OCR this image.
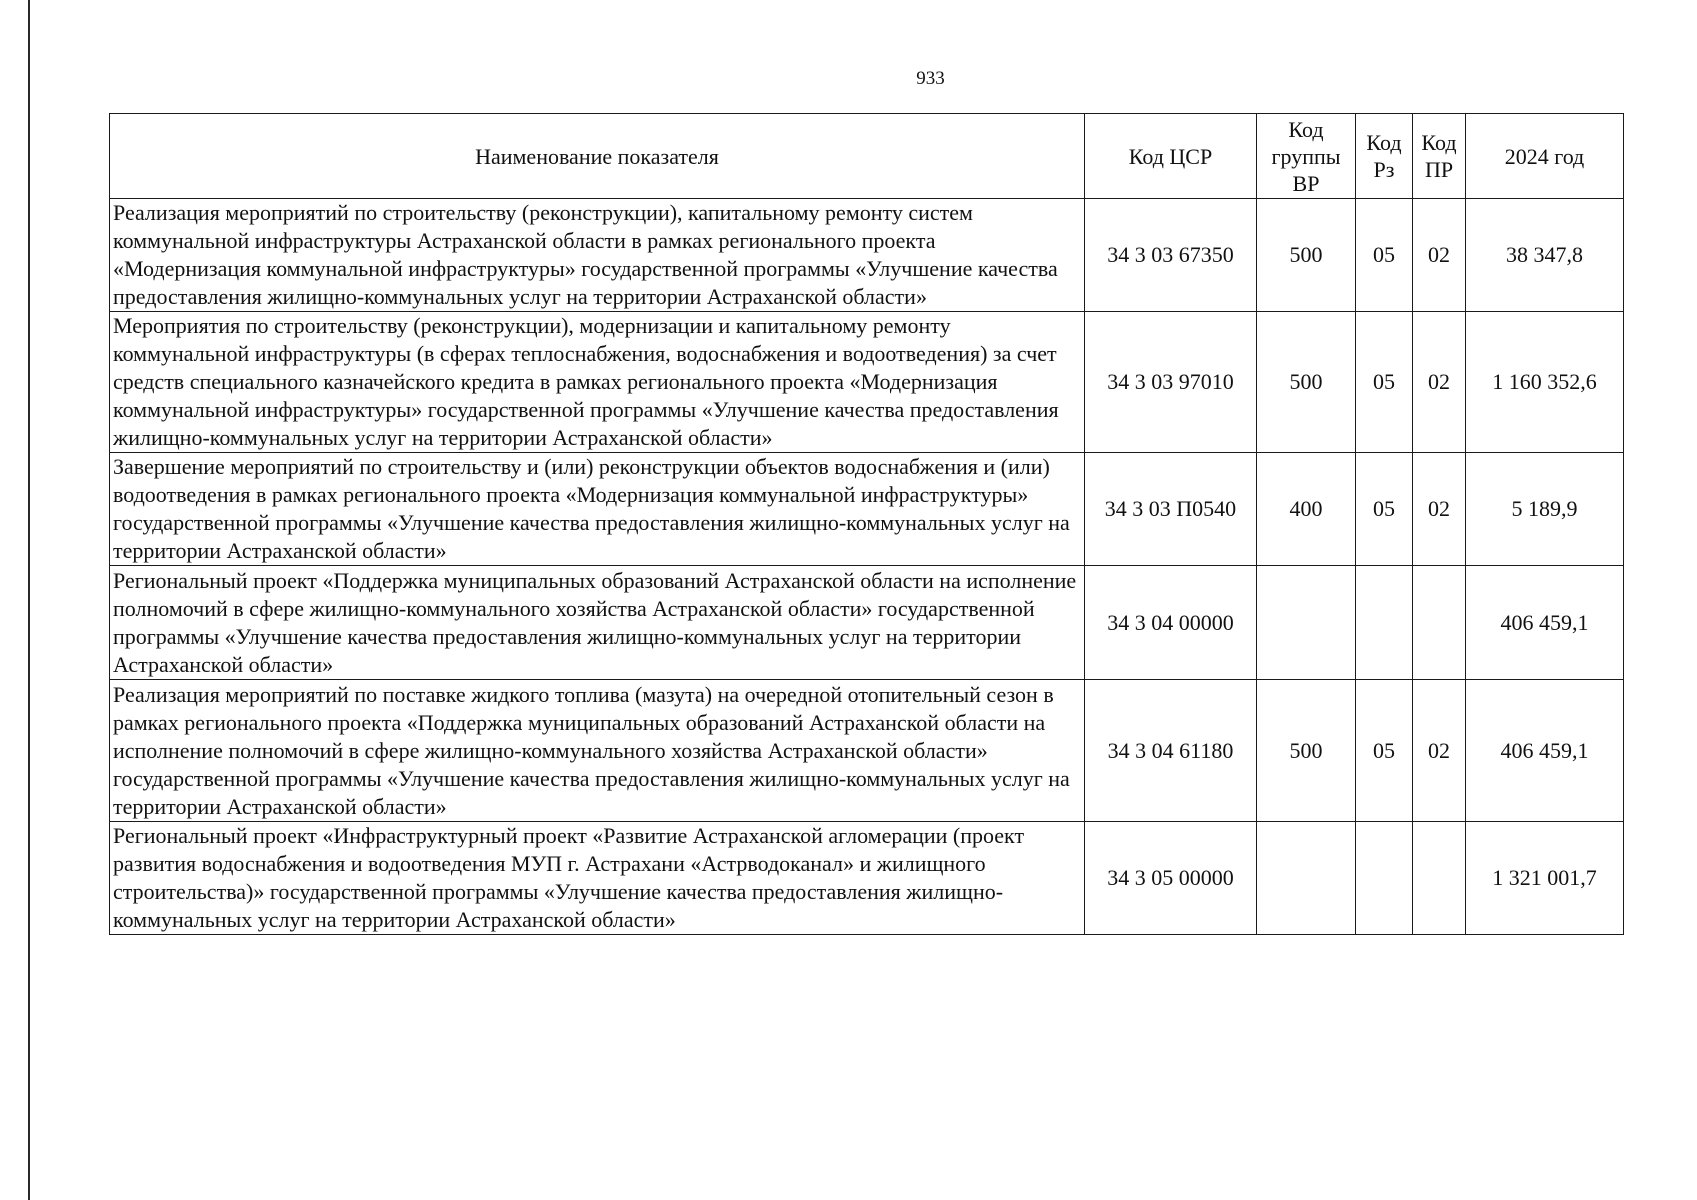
933
Наименование показателя	Код ЦСР	Код группы ВР	Код Рз	Код ПР	2024 год
Реализация мероприятий по строительству (реконструкции), капитальному ремонту систем коммунальной инфраструктуры Астраханской области в рамках регионального проекта «Модернизация коммунальной инфраструктуры» государственной программы «Улучшение качества предоставления жилищно-коммунальных услуг на территории Астраханской области»	34 3 03 67350	500	05	02	38 347,8
Мероприятия по строительству (реконструкции), модернизации и капитальному ремонту коммунальной инфраструктуры (в сферах теплоснабжения, водоснабжения и водоотведения) за счет средств специального казначейского кредита в рамках регионального проекта «Модернизация коммунальной инфраструктуры» государственной программы «Улучшение качества предоставления жилищно-коммунальных услуг на территории Астраханской области»	34 3 03 97010	500	05	02	1 160 352,6
Завершение мероприятий по строительству и (или) реконструкции объектов водоснабжения и (или) водоотведения в рамках регионального проекта «Модернизация коммунальной инфраструктуры» государственной программы «Улучшение качества предоставления жилищно-коммунальных услуг на территории Астраханской области»	34 3 03 П0540	400	05	02	5 189,9
Региональный проект «Поддержка муниципальных образований Астраханской области на исполнение полномочий в сфере жилищно-коммунального хозяйства Астраханской области» государственной программы «Улучшение качества предоставления жилищно-коммунальных услуг на территории Астраханской области»	34 3 04 00000				406 459,1
Реализация мероприятий по поставке жидкого топлива (мазута) на очередной отопительный сезон в рамках регионального проекта «Поддержка муниципальных образований Астраханской области на исполнение полномочий в сфере жилищно-коммунального хозяйства Астраханской области» государственной программы «Улучшение качества предоставления жилищно-коммунальных услуг на территории Астраханской области»	34 3 04 61180	500	05	02	406 459,1
Региональный проект «Инфраструктурный проект «Развитие Астраханской агломерации (проект развития водоснабжения и водоотведения МУП г. Астрахани «Астрводоканал» и жилищного строительства)» государственной программы «Улучшение качества предоставления жилищно-коммунальных услуг на территории Астраханской области»	34 3 05 00000				1 321 001,7
